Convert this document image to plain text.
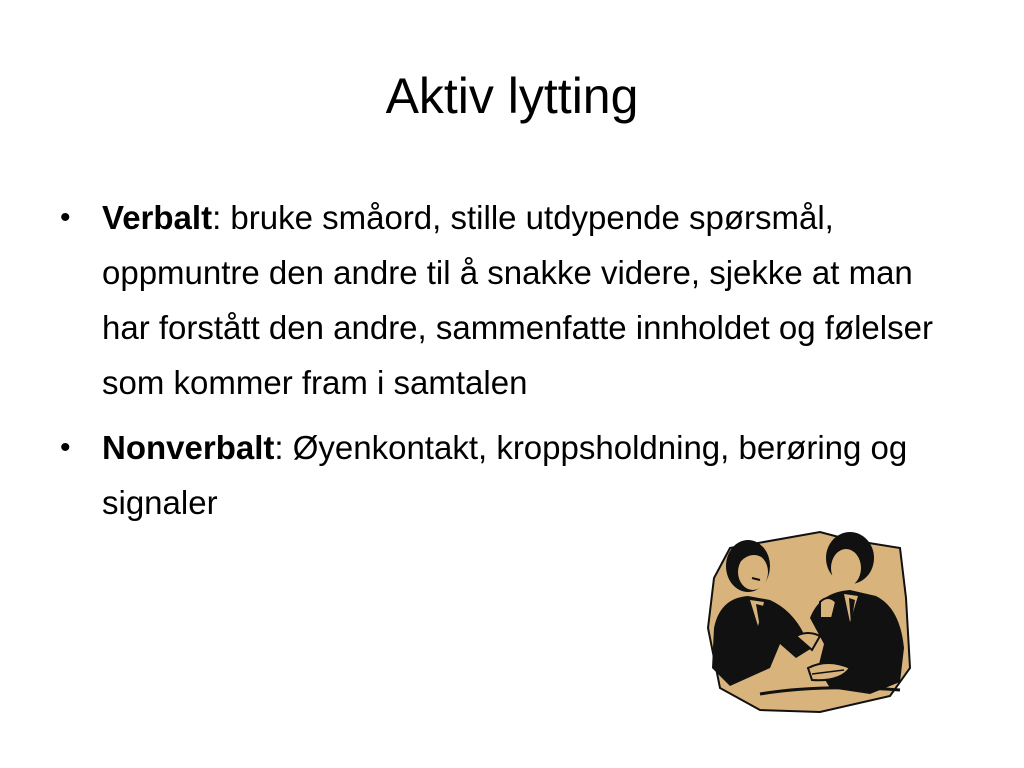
Aktiv lytting
• Verbalt: bruke småord, stille utdypende spørsmål, oppmuntre den andre til å snakke videre, sjekke at man har forstått den andre, sammenfatte innholdet og følelser som kommer fram i samtalen
• Nonverbalt: Øyenkontakt, kroppsholdning, berøring og signaler
